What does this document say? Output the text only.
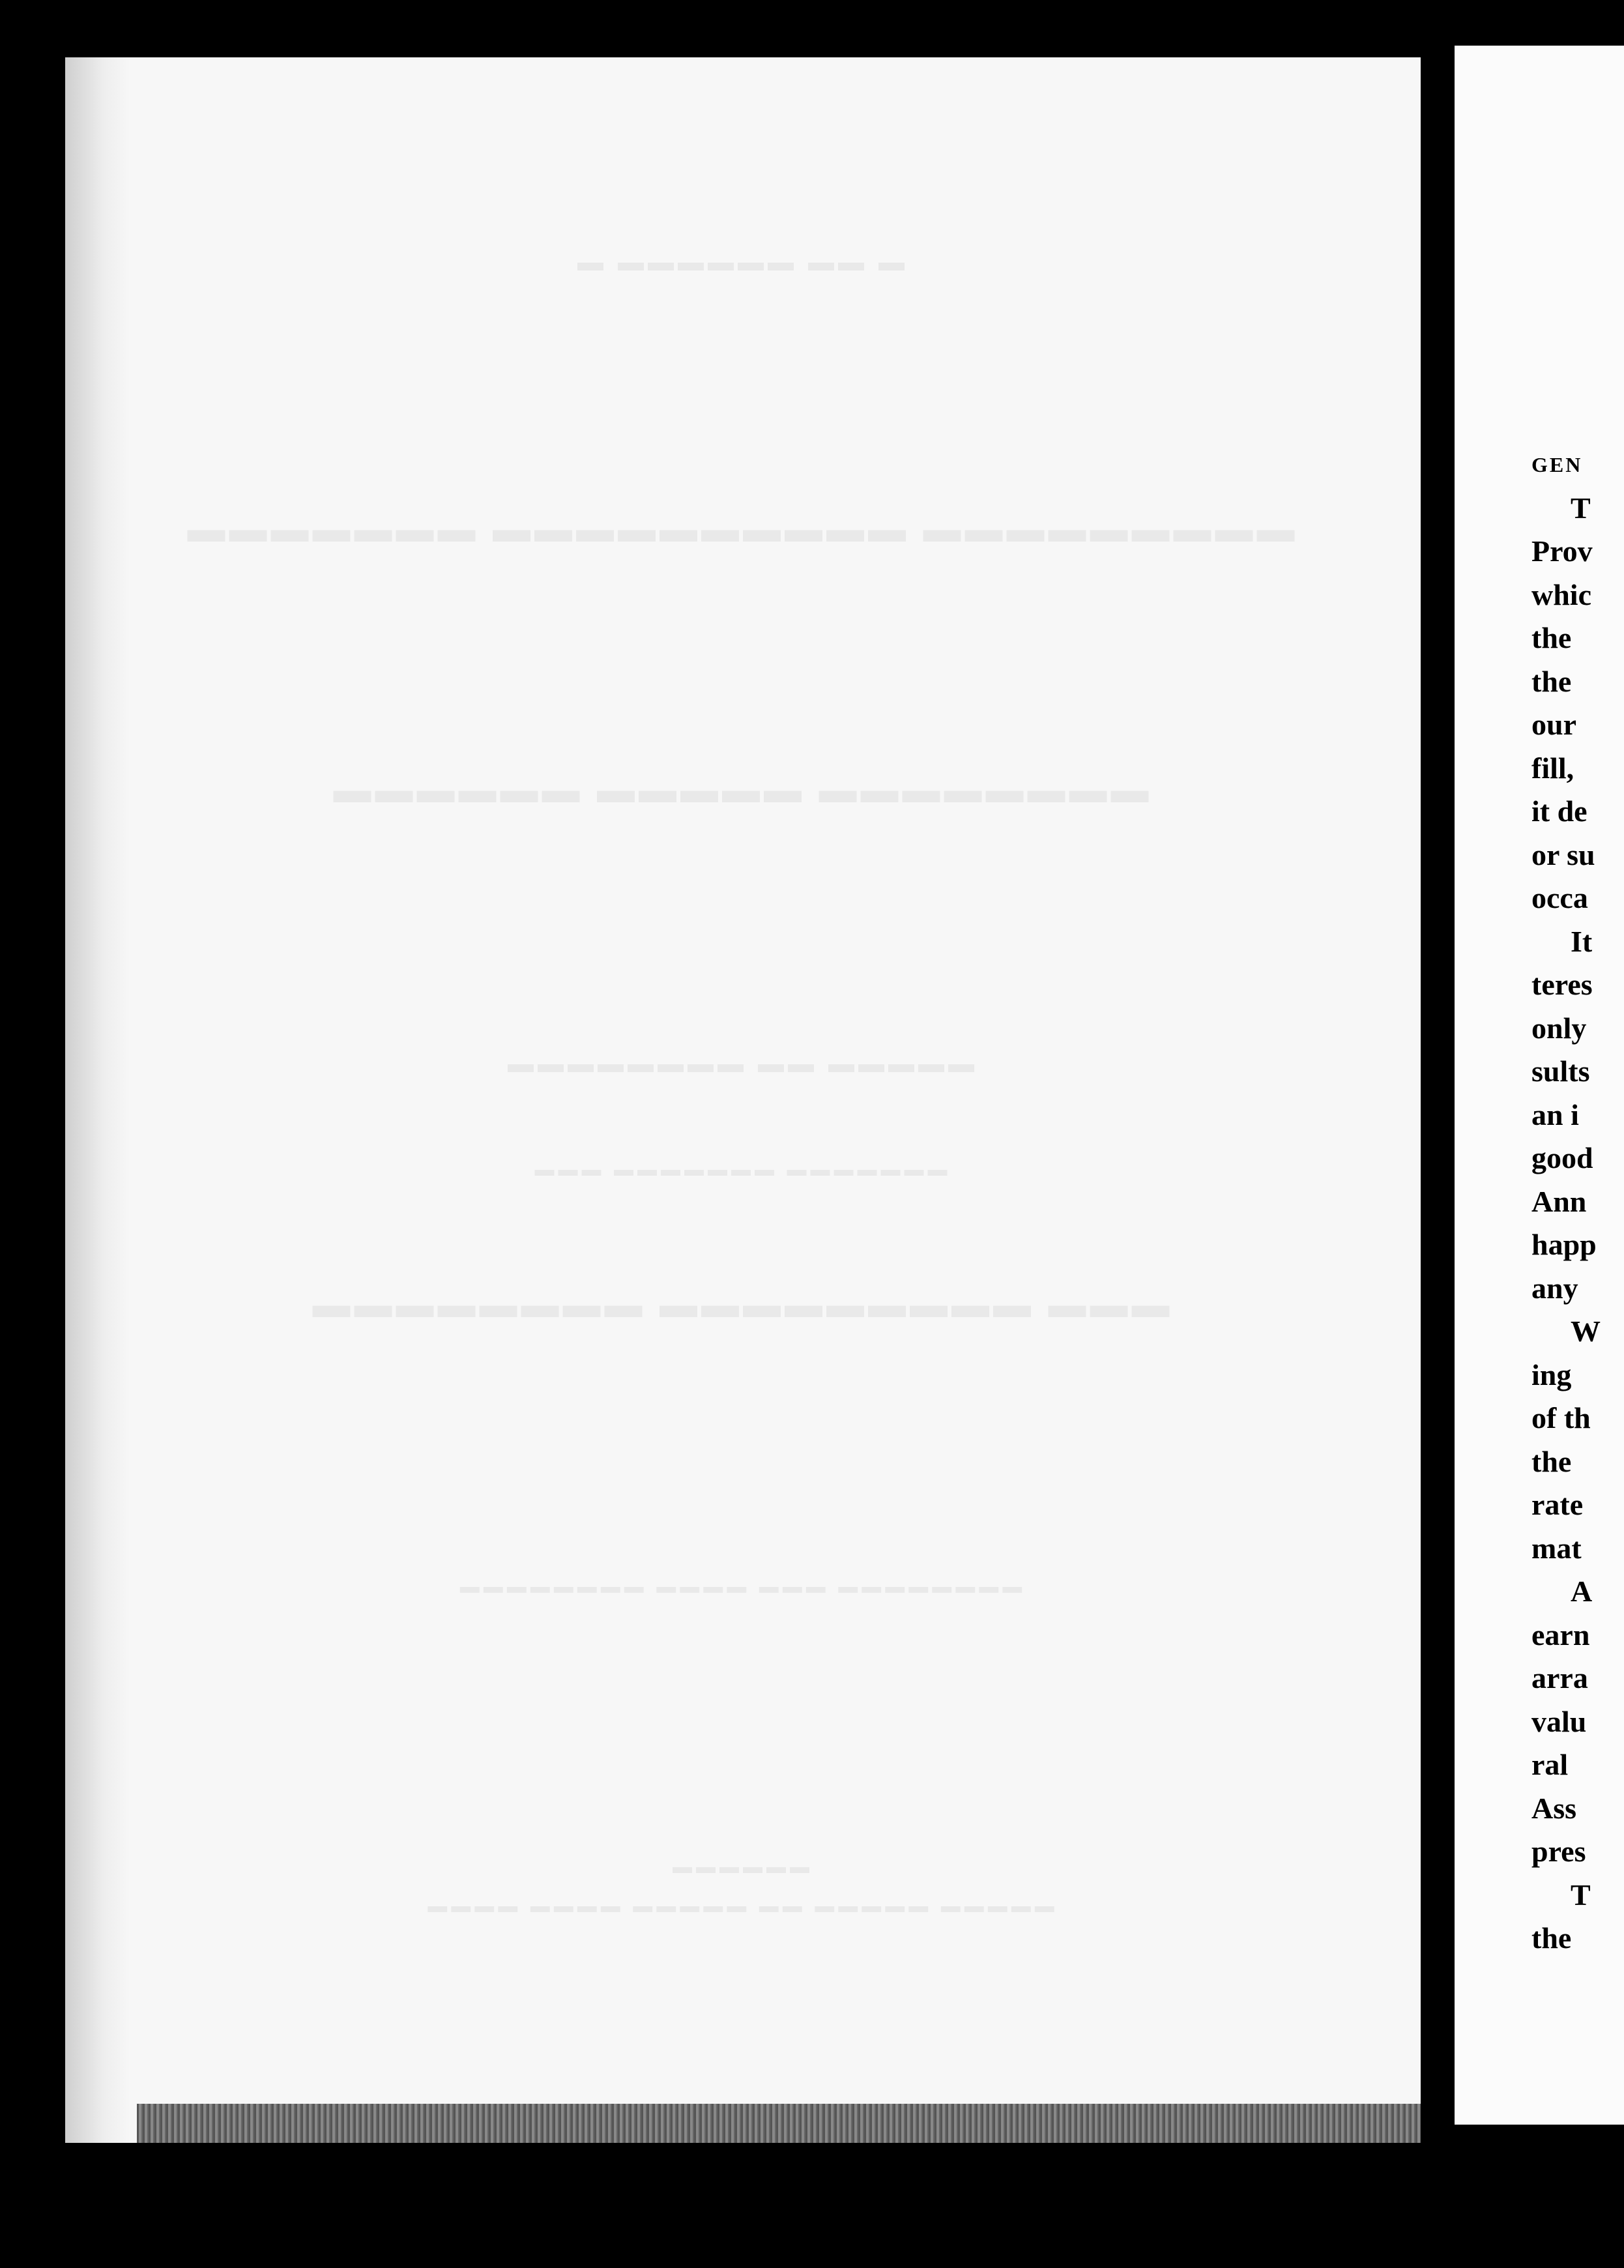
▬ ▬▬▬▬▬▬ ▬▬ ▬
▬▬▬▬▬▬▬ ▬▬▬▬▬▬▬▬▬▬ ▬▬▬▬▬▬▬▬▬
▬▬▬▬▬▬ ▬▬▬▬▬ ▬▬▬▬▬▬▬▬
▬▬▬▬▬▬▬▬ ▬▬ ▬▬▬▬▬
▬▬▬ ▬▬▬▬▬▬▬ ▬▬▬▬▬▬▬
▬▬▬▬▬▬▬▬ ▬▬▬▬▬▬▬▬▬ ▬▬▬
▬▬▬▬▬▬▬▬ ▬▬▬▬ ▬▬▬ ▬▬▬▬▬▬▬▬
▬▬▬▬▬▬
▬▬▬▬ ▬▬▬▬ ▬▬▬▬▬ ▬▬ ▬▬▬▬▬ ▬▬▬▬▬
GEN
T
Prov
whic
the
the
our
fill,
it de
or su
occa
It
teres
only
sults
an i
good
Ann
happ
any
W
ing
of th
the
rate
mat
A
earn
arra
valu
ral
Ass
pres
T
the
